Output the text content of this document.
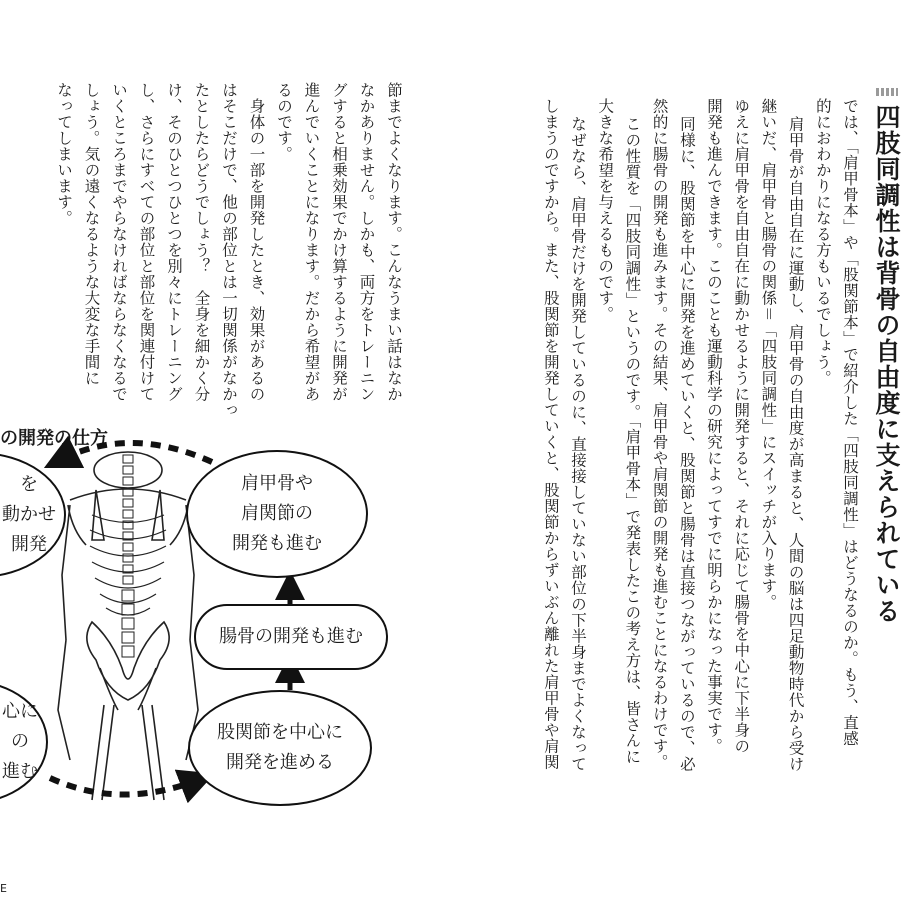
四肢同調性は背骨の自由度に支えられている
では、「肩甲骨本」や「股関節本」で紹介した「四肢同調性」はどうなるのか。もう、直感
的におわかりになる方もいるでしょう。
肩甲骨が自由自在に運動し、肩甲骨の自由度が高まると、人間の脳は四足動物時代から受け
継いだ、肩甲骨と腸骨の関係＝「四肢同調性」にスイッチが入ります。
ゆえに肩甲骨を自由自在に動かせるように開発すると、それに応じて腸骨を中心に下半身の
開発も進んできます。このことも運動科学の研究によってすでに明らかになった事実です。
同様に、股関節を中心に開発を進めていくと、股関節と腸骨は直接つながっているので、必
然的に腸骨の開発も進みます。その結果、肩甲骨や肩関節の開発も進むことになるわけです。
この性質を「四肢同調性」というのです。「肩甲骨本」で発表したこの考え方は、皆さんに
大きな希望を与えるものです。
なぜなら、肩甲骨だけを開発しているのに、直接接していない部位の下半身までよくなって
しまうのですから。また、股関節を開発していくと、股関節からずいぶん離れた肩甲骨や肩関
節までよくなります。こんなうまい話はなか
なかありません。しかも、両方をトレーニン
グすると相乗効果でかけ算するように開発が
進んでいくことになります。だから希望があ
るのです。
身体の一部を開発したとき、効果があるの
はそこだけで、他の部位とは一切関係がなかっ
たとしたらどうでしょう？　全身を細かく分
け、そのひとつひとつを別々にトレーニング
し、さらにすべての部位と部位を関連付けて
いくところまでやらなければならなくなるで
しょう。気の遠くなるような大変な手間に
なってしまいます。
の開発の仕方
肩甲骨や
肩関節の
開発も進む
腸骨の開発も進む
股関節を中心に
開発を進める
を
動かせ
開発
心に
の
進む
E
